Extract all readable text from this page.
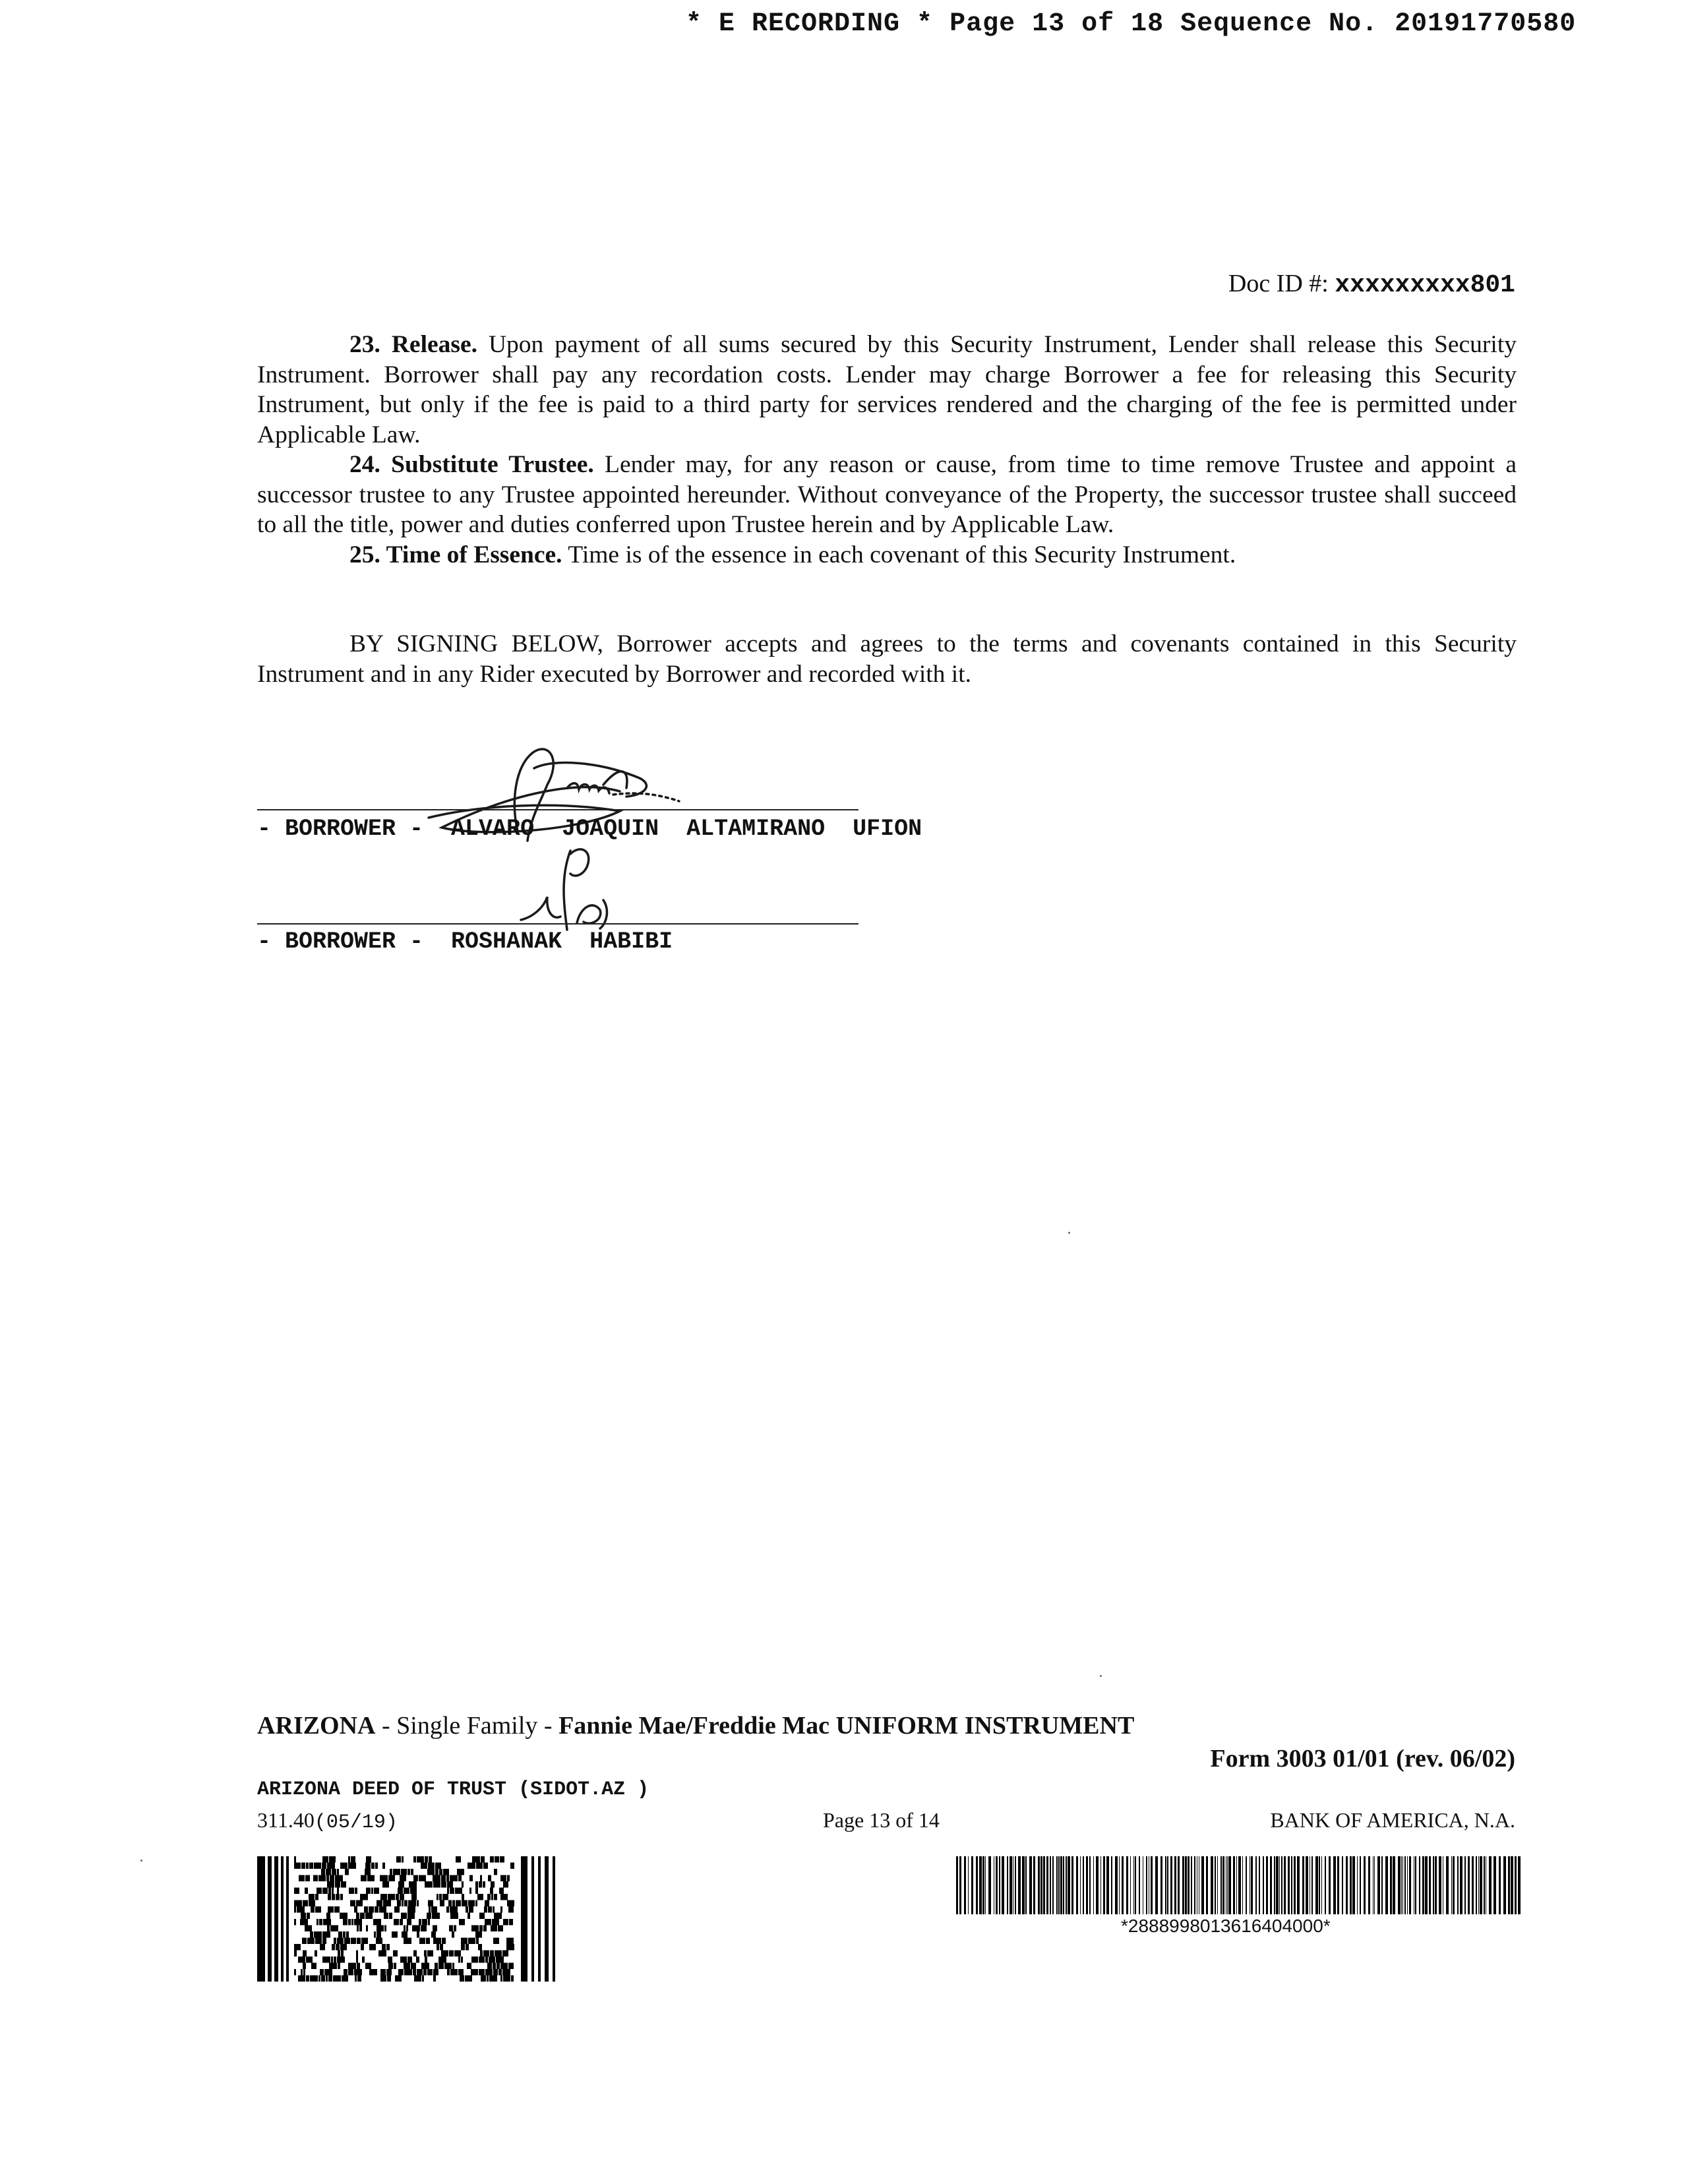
* E RECORDING * Page 13 of 18 Sequence No. 20191770580
Doc ID #: xxxxxxxxx801

23. Release. Upon payment of all sums secured by this Security Instrument, Lender shall release this Security Instrument. Borrower shall pay any recordation costs. Lender may charge Borrower a fee for releasing this Security Instrument, but only if the fee is paid to a third party for services rendered and the charging of the fee is permitted under Applicable Law.

24. Substitute Trustee. Lender may, for any reason or cause, from time to time remove Trustee and appoint a successor trustee to any Trustee appointed hereunder. Without conveyance of the Property, the successor trustee shall succeed to all the title, power and duties conferred upon Trustee herein and by Applicable Law.

25. Time of Essence. Time is of the essence in each covenant of this Security Instrument.

BY SIGNING BELOW, Borrower accepts and agrees to the terms and covenants contained in this Security Instrument and in any Rider executed by Borrower and recorded with it.

- BORROWER -  ALVARO  JOAQUIN  ALTAMIRANO  UFION
- BORROWER -  ROSHANAK  HABIBI
ARIZONA - Single Family - Fannie Mae/Freddie Mac UNIFORM INSTRUMENT
Form 3003 01/01 (rev. 06/02)
ARIZONA DEED OF TRUST (SIDOT.AZ )
311.40(05/19)	Page 13 of 14	BANK OF AMERICA, N.A.
*2888998013616404000*
